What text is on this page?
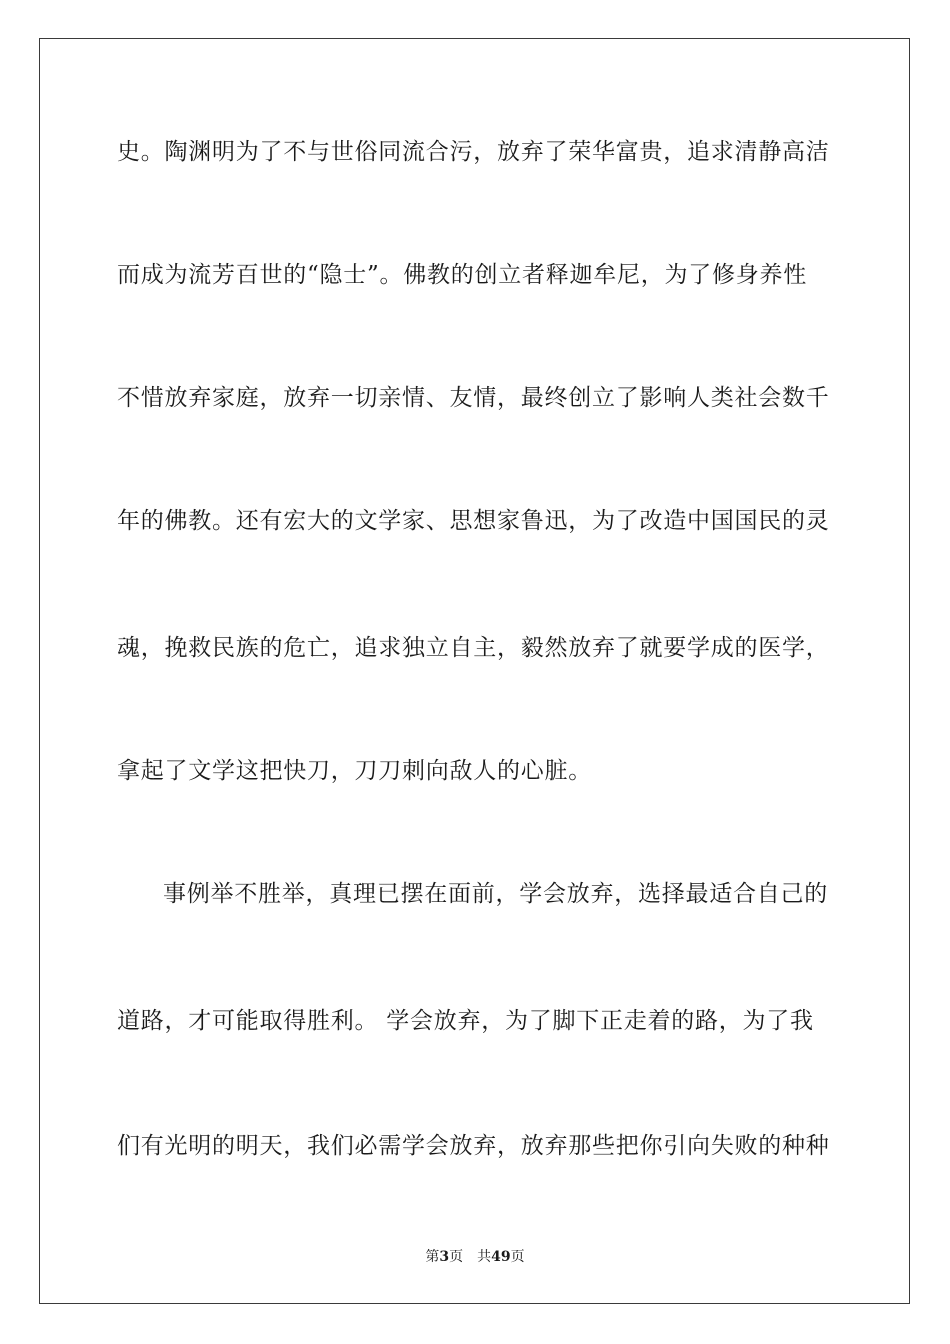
史。陶渊明为了不与世俗同流合污，放弃了荣华富贵，追求清静高洁
而成为流芳百世的“隐士”。佛教的创立者释迦牟尼，为了修身养性
不惜放弃家庭，放弃一切亲情、友情，最终创立了影响人类社会数千
年的佛教。还有宏大的文学家、思想家鲁迅，为了改造中国国民的灵
魂，挽救民族的危亡，追求独立自主，毅然放弃了就要学成的医学，
拿起了文学这把快刀，刀刀刺向敌人的心脏。
事例举不胜举，真理已摆在面前，学会放弃，选择最适合自己的
道路，才可能取得胜利。 学会放弃，为了脚下正走着的路，为了我
们有光明的明天，我们必需学会放弃，放弃那些把你引向失败的种种
第3页 共49页
